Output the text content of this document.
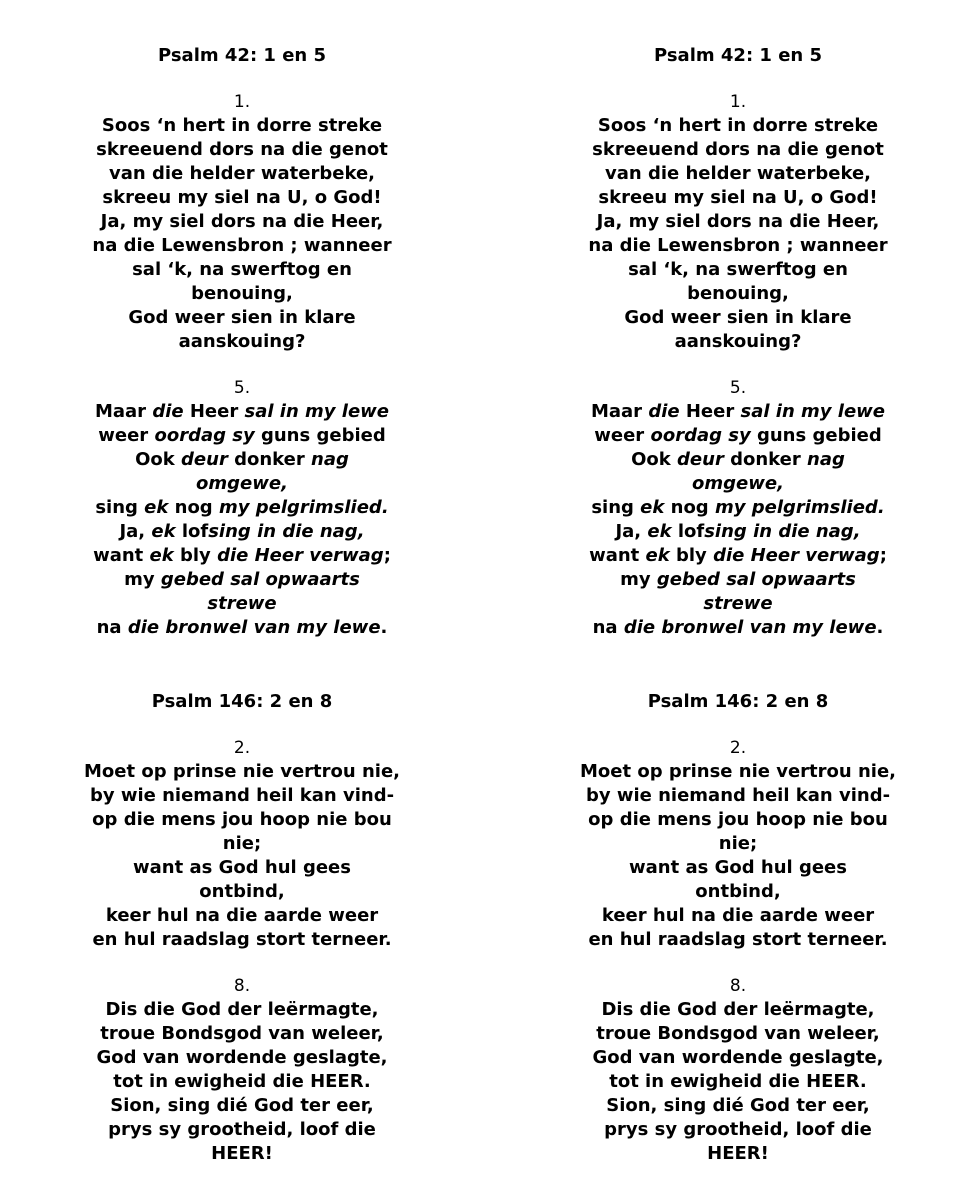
Psalm 42: 1 en 5
1.
Soos ‘n hert in dorre streke
skreeuend dors na die genot
van die helder waterbeke,
skreeu my siel na U, o God!
Ja, my siel dors na die Heer,
na die Lewensbron ; wanneer
sal ‘k, na swerftog en
benouing,
God weer sien in klare
aanskouing?
5.
Maar die Heer sal in my lewe
weer oordag sy guns gebied
Ook deur donker nag
omgewe,
sing ek nog my pelgrimslied.
Ja, ek lofsing in die nag,
want ek bly die Heer verwag;
my gebed sal opwaarts
strewe
na die bronwel van my lewe.
Psalm 146: 2 en 8
2.
Moet op prinse nie vertrou nie,
by wie niemand heil kan vind-
op die mens jou hoop nie bou
nie;
want as God hul gees
ontbind,
keer hul na die aarde weer
en hul raadslag stort terneer.
8.
Dis die God der leërmagte,
troue Bondsgod van weleer,
God van wordende geslagte,
tot in ewigheid die HEER.
Sion, sing dié God ter eer,
prys sy grootheid, loof die
HEER!
Psalm 42: 1 en 5
1.
Soos ‘n hert in dorre streke
skreeuend dors na die genot
van die helder waterbeke,
skreeu my siel na U, o God!
Ja, my siel dors na die Heer,
na die Lewensbron ; wanneer
sal ‘k, na swerftog en
benouing,
God weer sien in klare
aanskouing?
5.
Maar die Heer sal in my lewe
weer oordag sy guns gebied
Ook deur donker nag
omgewe,
sing ek nog my pelgrimslied.
Ja, ek lofsing in die nag,
want ek bly die Heer verwag;
my gebed sal opwaarts
strewe
na die bronwel van my lewe.
Psalm 146: 2 en 8
2.
Moet op prinse nie vertrou nie,
by wie niemand heil kan vind-
op die mens jou hoop nie bou
nie;
want as God hul gees
ontbind,
keer hul na die aarde weer
en hul raadslag stort terneer.
8.
Dis die God der leërmagte,
troue Bondsgod van weleer,
God van wordende geslagte,
tot in ewigheid die HEER.
Sion, sing dié God ter eer,
prys sy grootheid, loof die
HEER!
